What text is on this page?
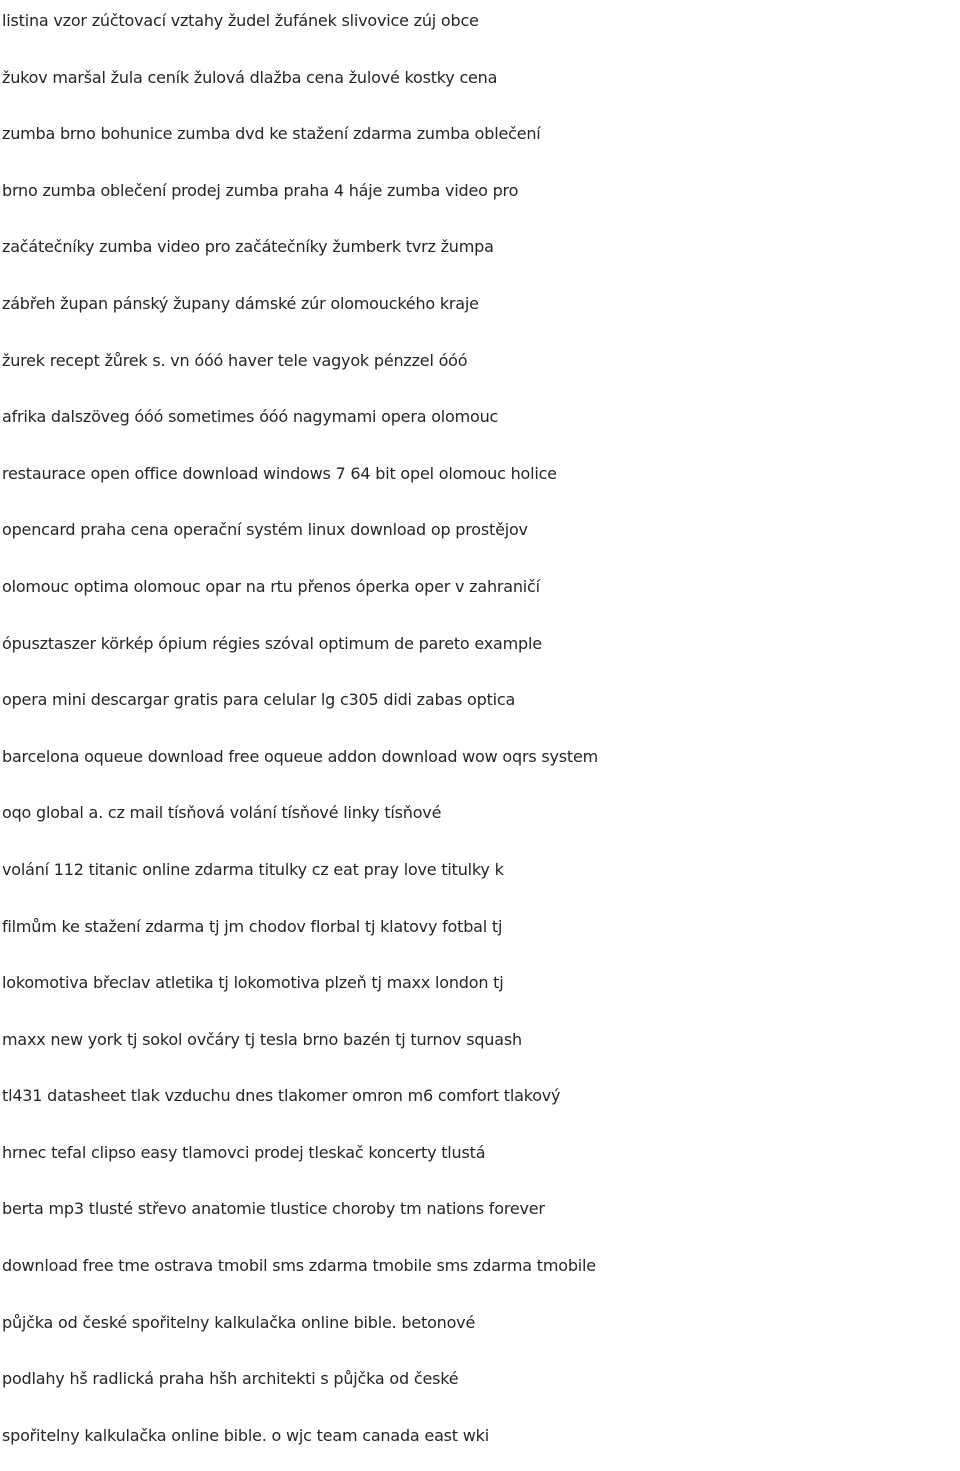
listina vzor zúčtovací vztahy žudel žufánek slivovice zúj obce
žukov maršal žula ceník žulová dlažba cena žulové kostky cena
zumba brno bohunice zumba dvd ke stažení zdarma zumba oblečení
brno zumba oblečení prodej zumba praha 4 háje zumba video pro
začátečníky zumba video pro začátečníky žumberk tvrz žumpa
zábřeh župan pánský župany dámské zúr olomouckého kraje
žurek recept žůrek s. vn óóó haver tele vagyok pénzzel óóó
afrika dalszöveg óóó sometimes óóó nagymami opera olomouc
restaurace open office download windows 7 64 bit opel olomouc holice
opencard praha cena operační systém linux download op prostějov
olomouc optima olomouc opar na rtu přenos óperka oper v zahraničí
ópusztaszer körkép ópium régies szóval optimum de pareto example
opera mini descargar gratis para celular lg c305 didi zabas optica
barcelona oqueue download free oqueue addon download wow oqrs system
oqo global a. cz mail tísňová volání tísňové linky tísňové
volání 112 titanic online zdarma titulky cz eat pray love titulky k
filmům ke stažení zdarma tj jm chodov florbal tj klatovy fotbal tj
lokomotiva břeclav atletika tj lokomotiva plzeň tj maxx london tj
maxx new york tj sokol ovčáry tj tesla brno bazén tj turnov squash
tl431 datasheet tlak vzduchu dnes tlakomer omron m6 comfort tlakový
hrnec tefal clipso easy tlamovci prodej tleskač koncerty tlustá
berta mp3 tlusté střevo anatomie tlustice choroby tm nations forever
download free tme ostrava tmobil sms zdarma tmobile sms zdarma tmobile
půjčka od české spořitelny kalkulačka online bible. betonové
podlahy hš radlická praha hšh architekti s půjčka od české
spořitelny kalkulačka online bible. o wjc team canada east wki
